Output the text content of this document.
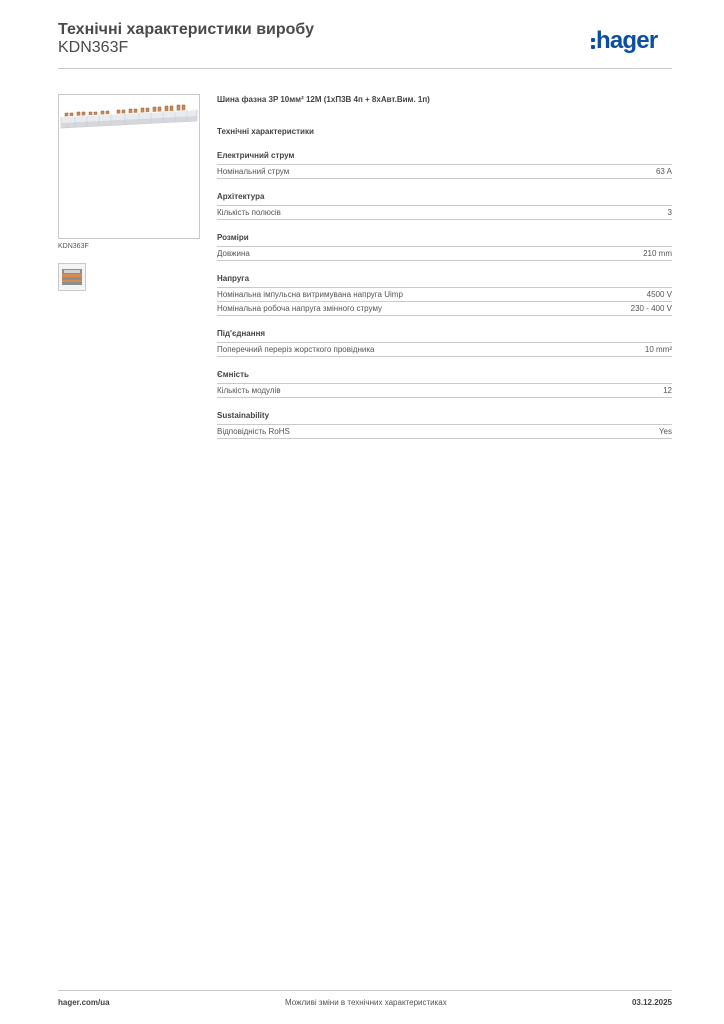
Технічні характеристики виробу
KDN363F	hager
KDN363F

Шина фазна 3P 10мм² 12M (1хП3В 4п + 8хАвт.Вим. 1п)

Технічні характеристики

Електричний струм
Номінальний струм	63 A
Архітектура
Кількість полюсів	3
Розміри
Довжина	210 mm
Напруга
Номінальна імпульсна витримувана напруга Uimp	4500 V
Номінальна робоча напруга змінного струму	230 - 400 V
Під'єднання
Поперечний переріз жорсткого провідника	10 mm²
Ємність
Кількість модулів	12
Sustainability
Відповідність RoHS	Yes
hager.com/ua	Можливі зміни в технічних характеристиках	03.12.2025
